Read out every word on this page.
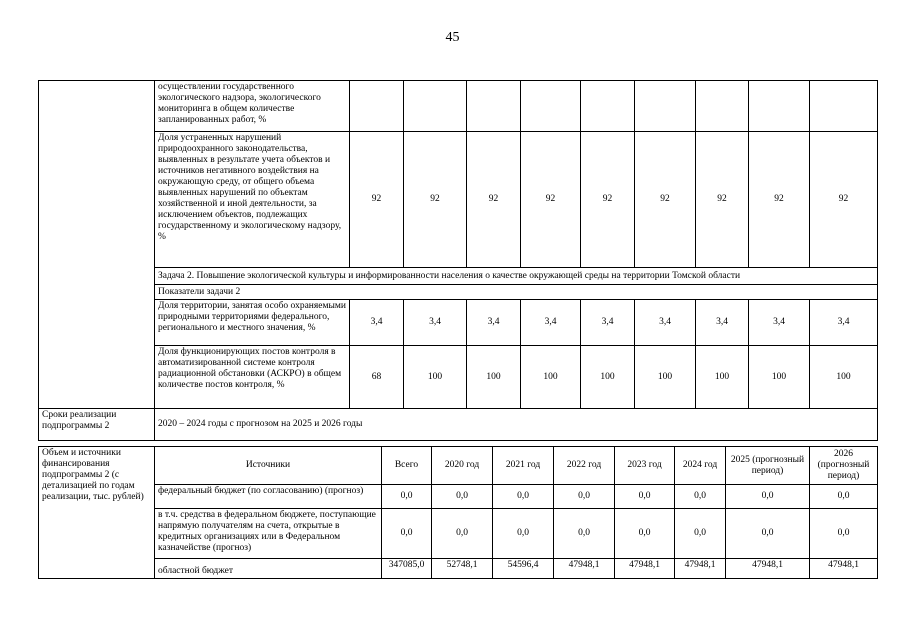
45
	осуществлении государственного экологического надзора, экологического мониторинга в общем количестве запланированных работ, %									
	Доля устраненных нарушений природоохранного законодательства, выявленных в результате учета объектов и источников негативного воздействия на окружающую среду, от общего объема выявленных нарушений по объектам хозяйственной и иной деятельности, за исключением объектов, подлежащих государственному и экологическому надзору, %	92	92	92	92	92	92	92	92	92
	Задача 2. Повышение экологической культуры и информированности населения о качестве окружающей среды на территории Томской области									
	Показатели задачи 2									
	Доля территории, занятая особо охраняемыми природными территориями федерального, регионального и местного значения, %	3,4	3,4	3,4	3,4	3,4	3,4	3,4	3,4	3,4
	Доля функционирующих постов контроля в автоматизированной системе контроля радиационной обстановки (АСКРО) в общем количестве постов контроля, %	68	100	100	100	100	100	100	100	100
Сроки реализации подпрограммы 2	2020 – 2024 годы с прогнозом на 2025 и 2026 годы									
Объем и источники финансирования подпрограммы 2 (с детализацией по годам реализации, тыс. рублей)	Источники	Всего	2020 год	2021 год	2022 год	2023 год	2024 год	2025 (прогнозный период)	2026 (прогнозный период)
	федеральный бюджет (по согласованию) (прогноз)	0,0	0,0	0,0	0,0	0,0	0,0	0,0	0,0
	в т.ч. средства в федеральном бюджете, поступающие напрямую получателям на счета, открытые в кредитных организациях или в Федеральном казначействе (прогноз)	0,0	0,0	0,0	0,0	0,0	0,0	0,0	0,0
	областной бюджет	347085,0	52748,1	54596,4	47948,1	47948,1	47948,1	47948,1	47948,1
